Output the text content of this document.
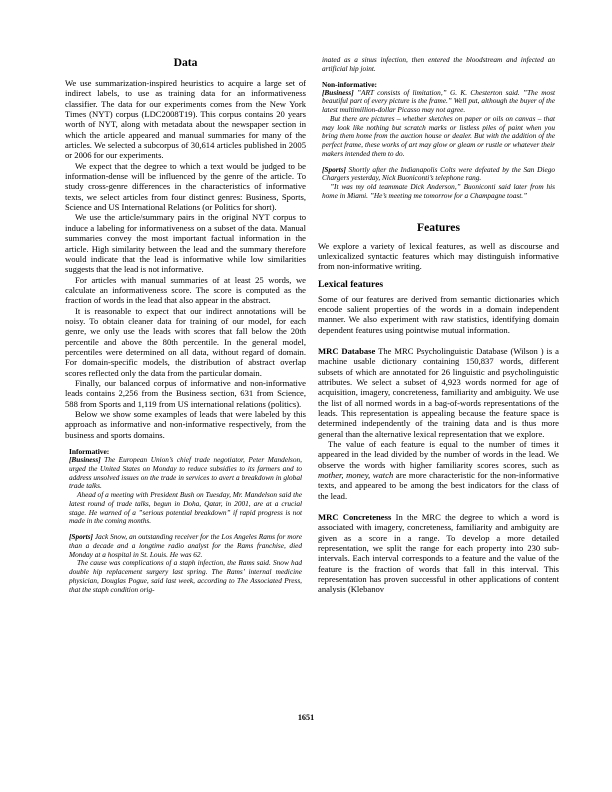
Data

We use summarization-inspired heuristics to acquire a large set of indirect labels, to use as training data for an informativeness classifier. The data for our experiments comes from the New York Times (NYT) corpus (LDC2008T19). This corpus contains 20 years worth of NYT, along with metadata about the newspaper section in which the article appeared and manual summaries for many of the articles. We selected a subcorpus of 30,614 articles published in 2005 or 2006 for our experiments.

We expect that the degree to which a text would be judged to be information-dense will be influenced by the genre of the article. To study cross-genre differences in the characteristics of informative texts, we select articles from four distinct genres: Business, Sports, Science and US International Relations (or Politics for short).

We use the article/summary pairs in the original NYT corpus to induce a labeling for informativeness on a subset of the data. Manual summaries convey the most important factual information in the article. High similarity between the lead and the summary therefore would indicate that the lead is informative while low similarities suggests that the lead is not informative.

For articles with manual summaries of at least 25 words, we calculate an informativeness score. The score is computed as the fraction of words in the lead that also appear in the abstract.

It is reasonable to expect that our indirect annotations will be noisy. To obtain cleaner data for training of our model, for each genre, we only use the leads with scores that fall below the 20th percentile and above the 80th percentile. In the general model, percentiles were determined on all data, without regard of domain. For domain-specific models, the distribution of abstract overlap scores reflected only the data from the particular domain.

Finally, our balanced corpus of informative and non-informative leads contains 2,256 from the Business section, 631 from Science, 588 from Sports and 1,119 from US international relations (politics).

Below we show some examples of leads that were labeled by this approach as informative and non-informative respectively, from the business and sports domains.

Informative:
[Business] The European Union’s chief trade negotiator, Peter Mandelson, urged the United States on Monday to reduce subsidies to its farmers and to address unsolved issues on the trade in services to avert a breakdown in global trade talks.
Ahead of a meeting with President Bush on Tuesday, Mr. Mandelson said the latest round of trade talks, begun in Doha, Qatar, in 2001, are at a crucial stage. He warned of a ”serious potential breakdown” if rapid progress is not made in the coming months.
[Sports] Jack Snow, an outstanding receiver for the Los Angeles Rams for more than a decade and a longtime radio analyst for the Rams franchise, died Monday at a hospital in St. Louis. He was 62.
The cause was complications of a staph infection, the Rams said. Snow had double hip replacement surgery last spring. The Rams’ internal medicine physician, Douglas Pogue, said last week, according to The Associated Press, that the staph condition orig-
inated as a sinus infection, then entered the bloodstream and infected an artificial hip joint.
Non-informative:
[Business] ”ART consists of limitation,” G. K. Chesterton said. ”The most beautiful part of every picture is the frame.” Well put, although the buyer of the latest multimillion-dollar Picasso may not agree.
But there are pictures – whether sketches on paper or oils on canvas – that may look like nothing but scratch marks or listless piles of paint when you bring them home from the auction house or dealer. But with the addition of the perfect frame, these works of art may glow or gleam or rustle or whatever their makers intended them to do.
[Sports] Shortly after the Indianapolis Colts were defeated by the San Diego Chargers yesterday, Nick Buoniconti’s telephone rang.
”It was my old teammate Dick Anderson,” Buoniconti said later from his home in Miami. ”He’s meeting me tomorrow for a Champagne toast.”
Features

We explore a variety of lexical features, as well as discourse and unlexicalized syntactic features which may distinguish informative from non-informative writing.

Lexical features

Some of our features are derived from semantic dictionaries which encode salient properties of the words in a domain independent manner. We also experiment with raw statistics, identifying domain dependent features using pointwise mutual information.

MRC Database The MRC Psycholinguistic Database (Wilson ) is a machine usable dictionary containing 150,837 words, different subsets of which are annotated for 26 linguistic and psycholinguistic attributes. We select a subset of 4,923 words normed for age of acquisition, imagery, concreteness, familiarity and ambiguity. We use the list of all normed words in a bag-of-words representations of the leads. This representation is appealing because the feature space is determined independently of the training data and is thus more general than the alternative lexical representation that we explore.

The value of each feature is equal to the number of times it appeared in the lead divided by the number of words in the lead. We observe the words with higher familiarity scores scores, such as mother, money, watch are more characteristic for the non-informative texts, and appeared to be among the best indicators for the class of the lead.

MRC Concreteness In the MRC the degree to which a word is associated with imagery, concreteness, familiarity and ambiguity are given as a score in a range. To develop a more detailed representation, we split the range for each property into 230 sub-intervals. Each interval corresponds to a feature and the value of the feature is the fraction of words that fall in this interval. This representation has proven successful in other applications of content analysis (Klebanov

1651
